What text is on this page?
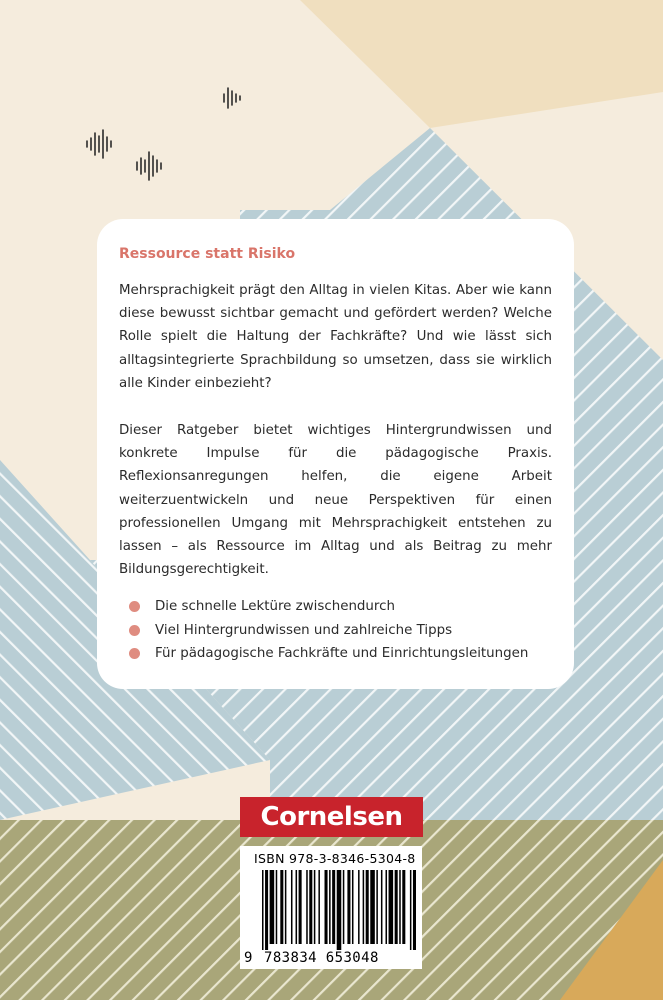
Ressource statt Risiko

Mehrsprachigkeit prägt den Alltag in vielen Kitas. Aber wie kann diese bewusst sichtbar gemacht und gefördert werden? Welche Rolle spielt die Haltung der Fachkräfte? Und wie lässt sich alltagsintegrierte Sprachbildung so umsetzen, dass sie wirklich alle Kinder einbezieht?

Dieser Ratgeber bietet wichtiges Hintergrundwissen und konkrete Impulse für die pädagogische Praxis. Reflexionsanregungen helfen, die eigene Arbeit weiterzuentwickeln und neue Perspektiven für einen professionellen Umgang mit Mehrsprachigkeit entstehen zu lassen – als Ressource im Alltag und als Beitrag zu mehr Bildungsgerechtigkeit.

Die schnelle Lektüre zwischendurch
Viel Hintergrundwissen und zahlreiche Tipps
Für pädagogische Fachkräfte und Einrichtungsleitungen
Cornelsen
ISBN 978-3-8346-5304-8
9 783834 653048
